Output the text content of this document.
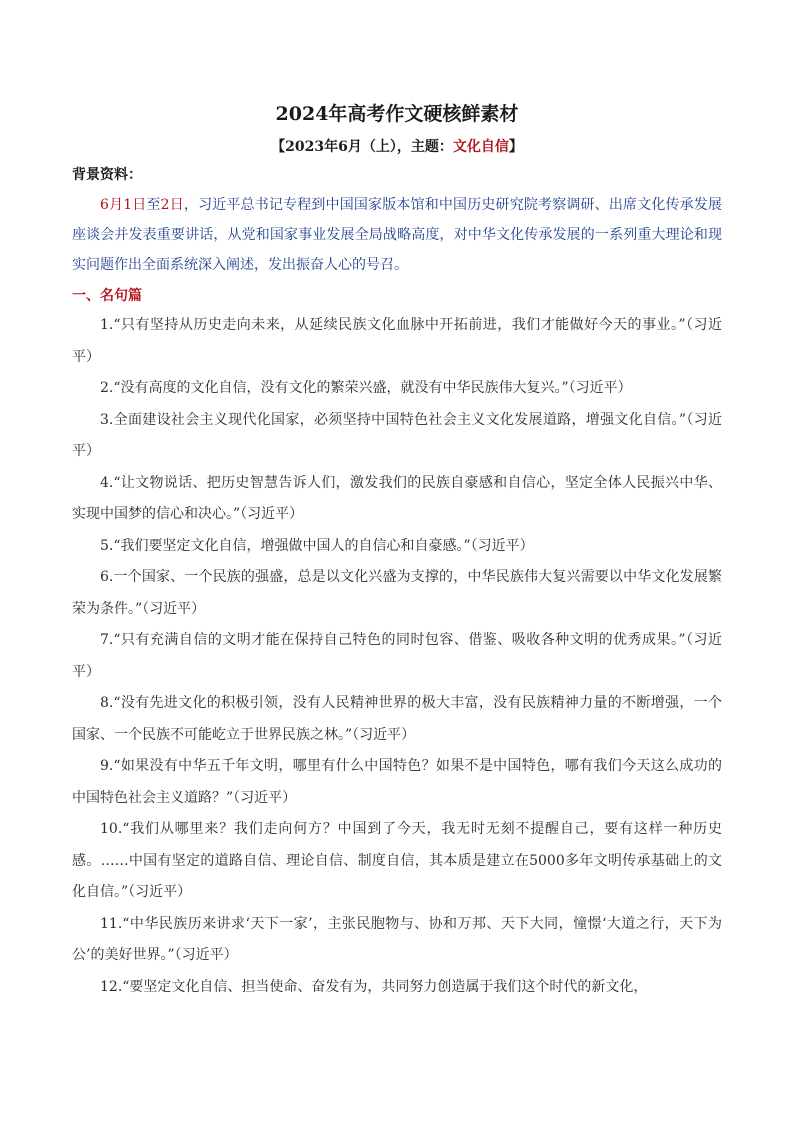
2024年高考作文硬核鲜素材
【2023年6月（上），主题：文化自信】
背景资料：

6月1日至2日，习近平总书记专程到中国国家版本馆和中国历史研究院考察调研、出席文化传承发展座谈会并发表重要讲话，从党和国家事业发展全局战略高度，对中华文化传承发展的一系列重大理论和现实问题作出全面系统深入阐述，发出振奋人心的号召。

一、名句篇
1.“只有坚持从历史走向未来，从延续民族文化血脉中开拓前进，我们才能做好今天的事业。”（习近平）
2.“没有高度的文化自信，没有文化的繁荣兴盛，就没有中华民族伟大复兴。”（习近平）
3.全面建设社会主义现代化国家，必须坚持中国特色社会主义文化发展道路，增强文化自信。”（习近平）
4.“让文物说话、把历史智慧告诉人们，激发我们的民族自豪感和自信心，坚定全体人民振兴中华、实现中国梦的信心和决心。”（习近平）
5.“我们要坚定文化自信，增强做中国人的自信心和自豪感。”（习近平）
6.一个国家、一个民族的强盛，总是以文化兴盛为支撑的，中华民族伟大复兴需要以中华文化发展繁荣为条件。”（习近平）
7.“只有充满自信的文明才能在保持自己特色的同时包容、借鉴、吸收各种文明的优秀成果。”（习近平）
8.“没有先进文化的积极引领，没有人民精神世界的极大丰富，没有民族精神力量的不断增强，一个国家、一个民族不可能屹立于世界民族之林。”（习近平）
9.“如果没有中华五千年文明，哪里有什么中国特色？如果不是中国特色，哪有我们今天这么成功的中国特色社会主义道路？”（习近平）
10.“我们从哪里来？我们走向何方？中国到了今天，我无时无刻不提醒自己，要有这样一种历史感。……中国有坚定的道路自信、理论自信、制度自信，其本质是建立在5000多年文明传承基础上的文化自信。”（习近平）
11.“中华民族历来讲求‘天下一家’，主张民胞物与、协和万邦、天下大同，憧憬‘大道之行，天下为公’的美好世界。”（习近平）
12.“要坚定文化自信、担当使命、奋发有为，共同努力创造属于我们这个时代的新文化，
